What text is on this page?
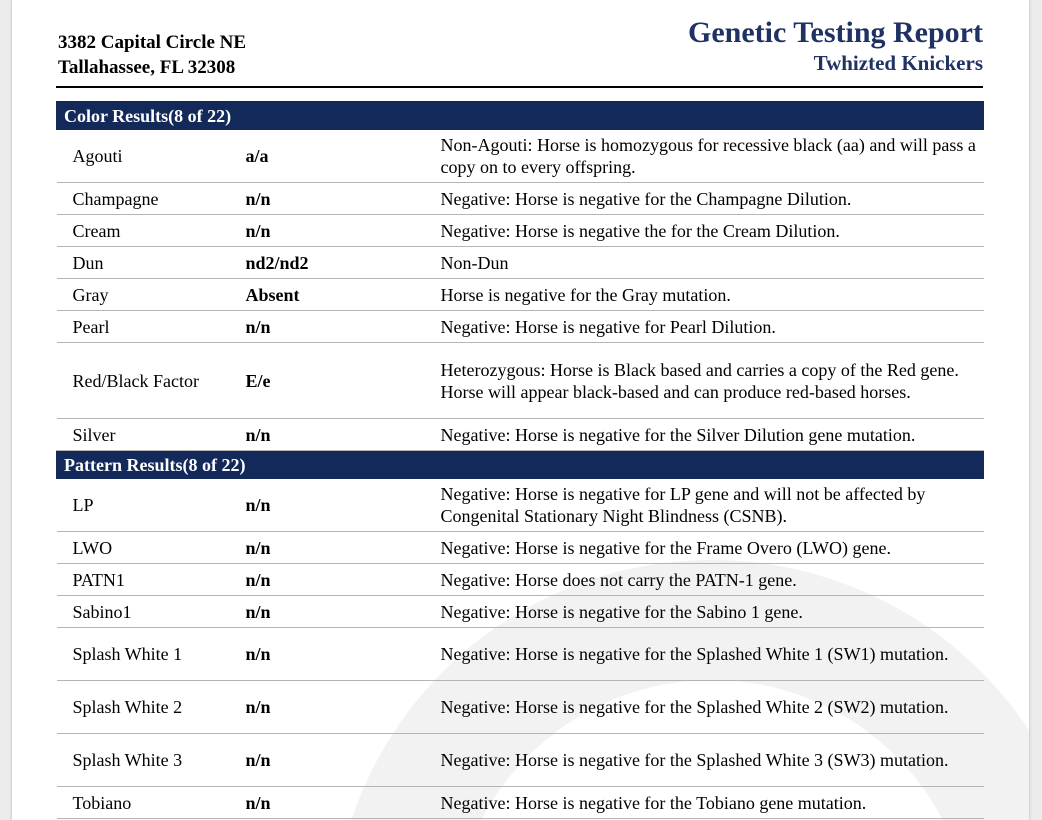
3382 Capital Circle NE
Tallahassee, FL 32308
Genetic Testing Report
Twhizted Knickers
Color Results(8 of 22)		
Agouti	a/a	Non-Agouti: Horse is homozygous for recessive black (aa) and will pass a copy on to every offspring.
Champagne	n/n	Negative: Horse is negative for the Champagne Dilution.
Cream	n/n	Negative: Horse is negative the for the Cream Dilution.
Dun	nd2/nd2	Non-Dun
Gray	Absent	Horse is negative for the Gray mutation.
Pearl	n/n	Negative: Horse is negative for Pearl Dilution.
Red/Black Factor	E/e	Heterozygous: Horse is Black based and carries a copy of the Red gene. Horse will appear black-based and can produce red-based horses.
Silver	n/n	Negative: Horse is negative for the Silver Dilution gene mutation.
Pattern Results(8 of 22)		
LP	n/n	Negative: Horse is negative for LP gene and will not be affected by Congenital Stationary Night Blindness (CSNB).
LWO	n/n	Negative: Horse is negative for the Frame Overo (LWO) gene.
PATN1	n/n	Negative: Horse does not carry the PATN-1 gene.
Sabino1	n/n	Negative: Horse is negative for the Sabino 1 gene.
Splash White 1	n/n	Negative: Horse is negative for the Splashed White 1 (SW1) mutation.
Splash White 2	n/n	Negative: Horse is negative for the Splashed White 2 (SW2) mutation.
Splash White 3	n/n	Negative: Horse is negative for the Splashed White 3 (SW3) mutation.
Tobiano	n/n	Negative: Horse is negative for the Tobiano gene mutation.
